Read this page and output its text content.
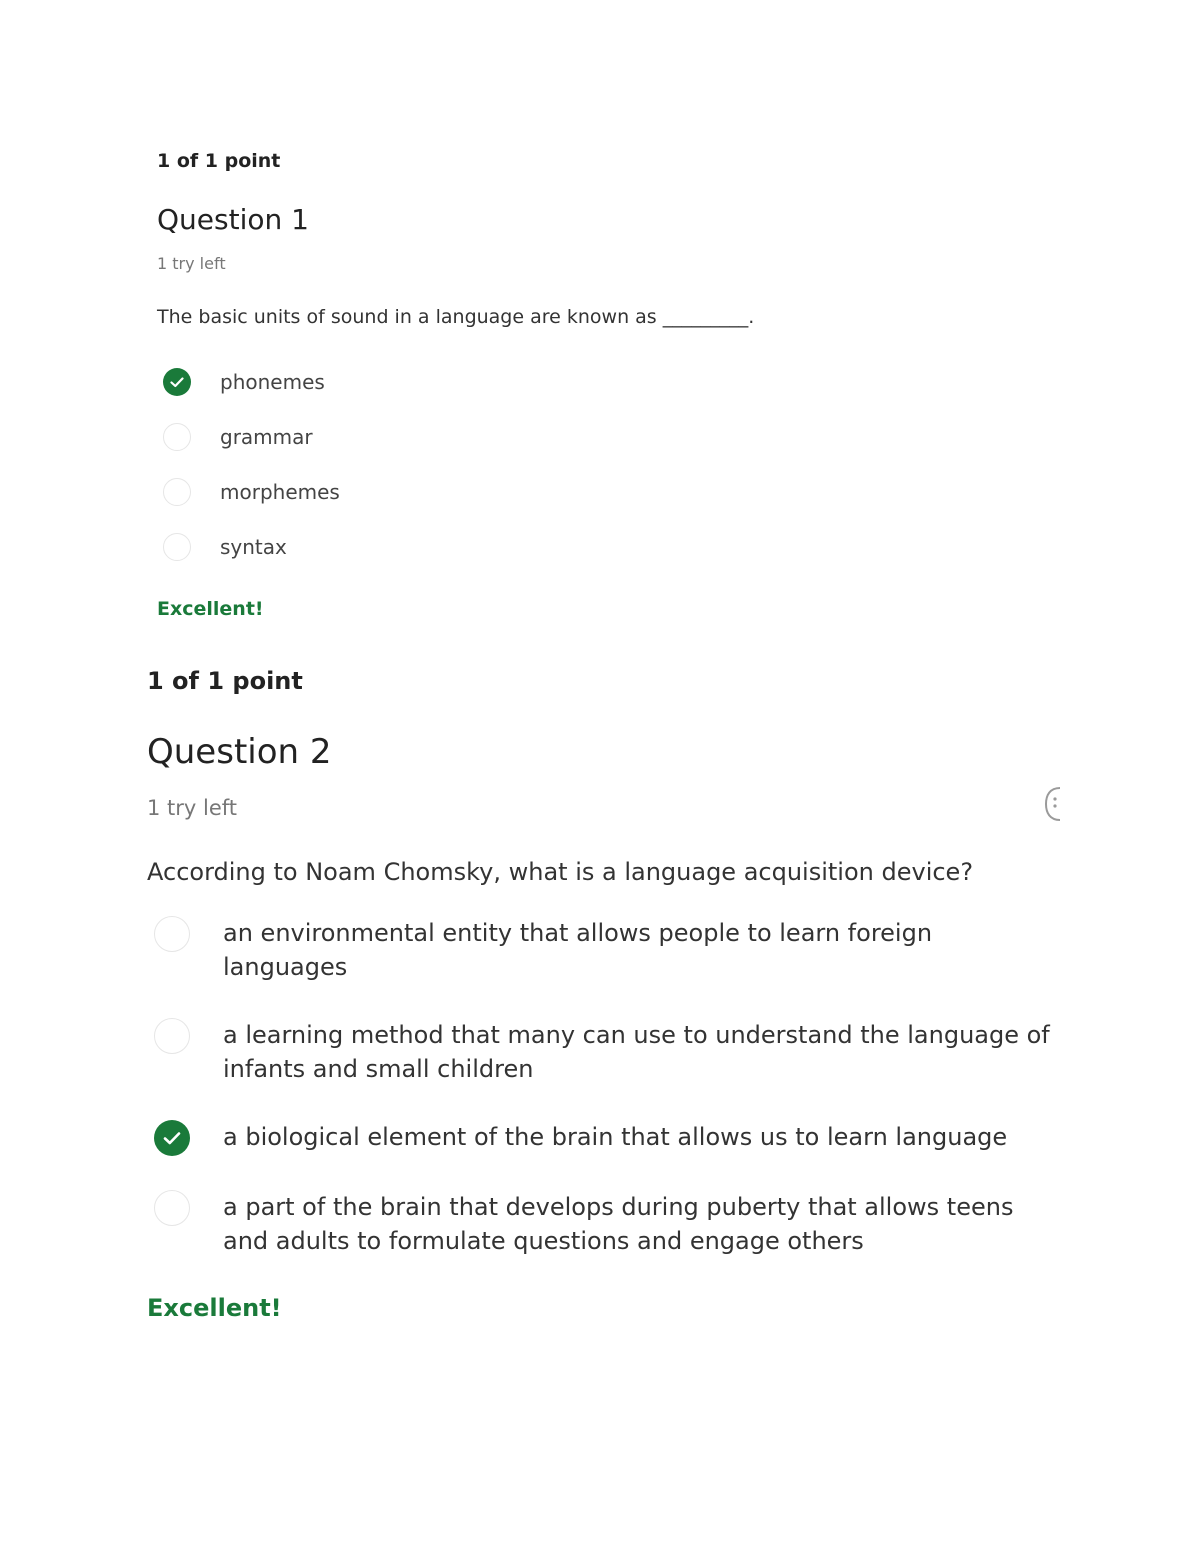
1 of 1 point
Question 1
1 try left
The basic units of sound in a language are known as _________.
phonemes
grammar
morphemes
syntax
Excellent!
1 of 1 point
Question 2
1 try left
According to Noam Chomsky, what is a language acquisition device?
an environmental entity that allows people to learn foreign languages
a learning method that many can use to understand the language of infants and small children
a biological element of the brain that allows us to learn language
a part of the brain that develops during puberty that allows teens and adults to formulate questions and engage others
Excellent!
